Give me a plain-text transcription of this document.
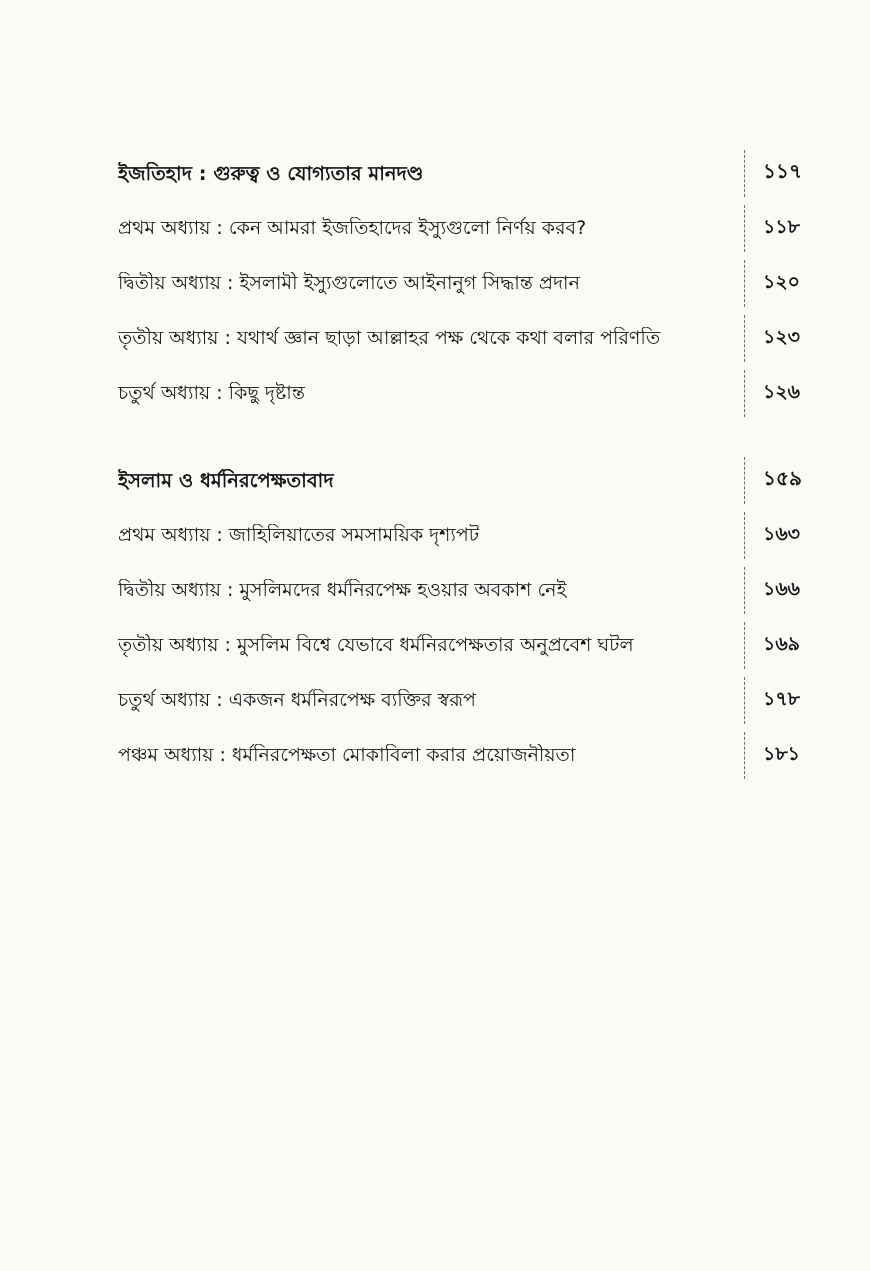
ইজতিহাদ : গুরুত্ব ও যোগ্যতার মানদণ্ড	১১৭
প্রথম অধ্যায় : কেন আমরা ইজতিহাদের ইস্যুগুলো নির্ণয় করব?	১১৮
দ্বিতীয় অধ্যায় : ইসলামী ইস্যুগুলোতে আইনানুগ সিদ্ধান্ত প্রদান	১২০
তৃতীয় অধ্যায় : যথার্থ জ্ঞান ছাড়া আল্লাহর পক্ষ থেকে কথা বলার পরিণতি	১২৩
চতুর্থ অধ্যায় : কিছু দৃষ্টান্ত	১২৬
ইসলাম ও ধর্মনিরপেক্ষতাবাদ	১৫৯
প্রথম অধ্যায় : জাহিলিয়াতের সমসাময়িক দৃশ্যপট	১৬৩
দ্বিতীয় অধ্যায় : মুসলিমদের ধর্মনিরপেক্ষ হওয়ার অবকাশ নেই	১৬৬
তৃতীয় অধ্যায় : মুসলিম বিশ্বে যেভাবে ধর্মনিরপেক্ষতার অনুপ্রবেশ ঘটল	১৬৯
চতুর্থ অধ্যায় : একজন ধর্মনিরপেক্ষ ব্যক্তির স্বরূপ	১৭৮
পঞ্চম অধ্যায় : ধর্মনিরপেক্ষতা মোকাবিলা করার প্রয়োজনীয়তা	১৮১
